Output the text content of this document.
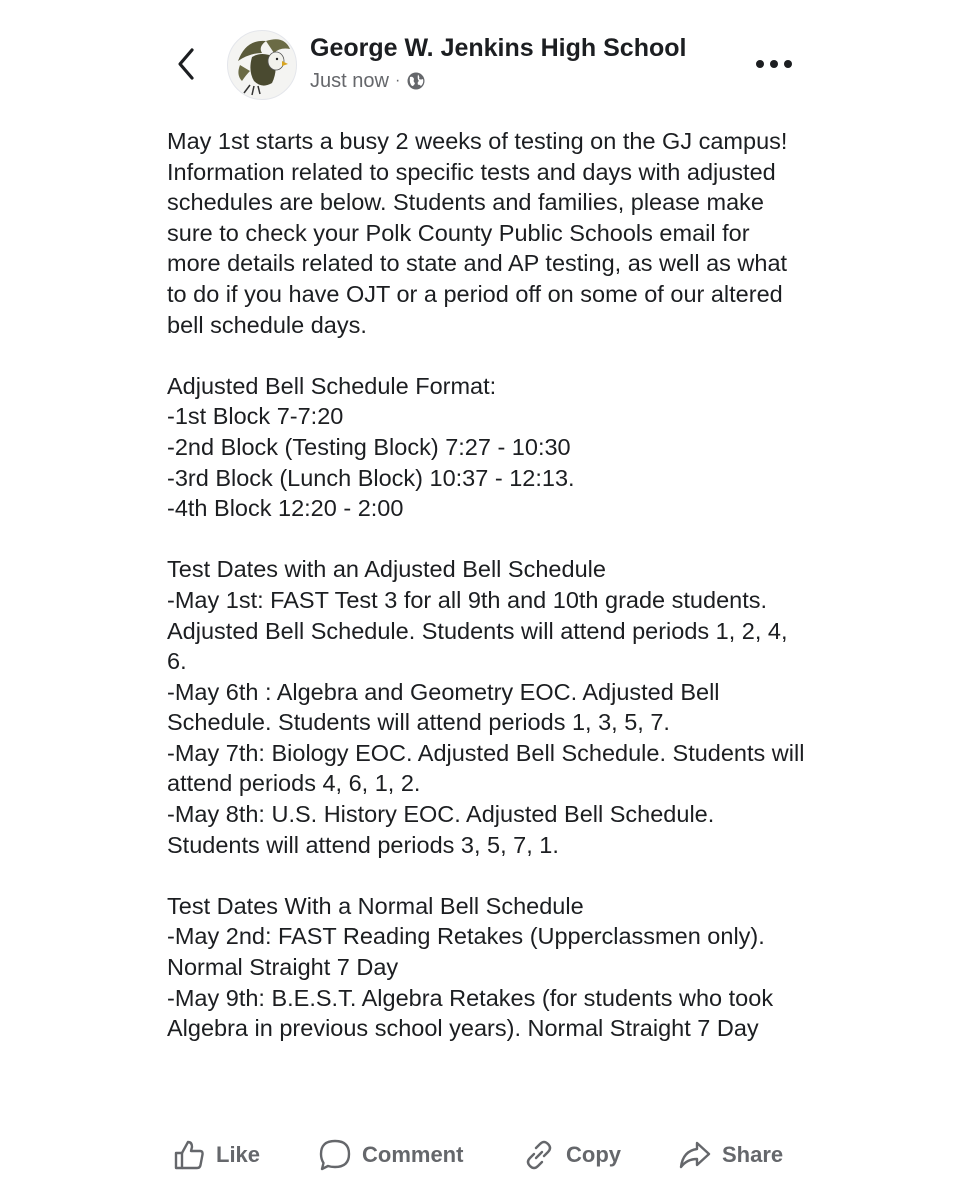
George W. Jenkins High School
Just now ·
May 1st starts a busy 2 weeks of testing on the GJ campus! Information related to specific tests and days with adjusted schedules are below. Students and families, please make sure to check your Polk County Public Schools email for more details related to state and AP testing, as well as what to do if you have OJT or a period off on some of our altered bell schedule days.

Adjusted Bell Schedule Format:
-1st Block 7-7:20
-2nd Block (Testing Block) 7:27 - 10:30
-3rd Block (Lunch Block) 10:37 - 12:13.
-4th Block 12:20 - 2:00

Test Dates with an Adjusted Bell Schedule
-May 1st: FAST Test 3 for all 9th and 10th grade students. Adjusted Bell Schedule. Students will attend periods 1, 2, 4, 6.
-May 6th : Algebra and Geometry EOC. Adjusted Bell Schedule. Students will attend periods 1, 3, 5, 7.
-May 7th: Biology EOC. Adjusted Bell Schedule. Students will attend periods 4, 6, 1, 2.
-May 8th: U.S. History EOC. Adjusted Bell Schedule. Students will attend periods 3, 5, 7, 1.

Test Dates With a Normal Bell Schedule
-May 2nd: FAST Reading Retakes (Upperclassmen only). Normal Straight 7 Day
-May 9th: B.E.S.T. Algebra Retakes (for students who took Algebra in previous school years). Normal Straight 7 Day
Like	Comment	Copy	Share
